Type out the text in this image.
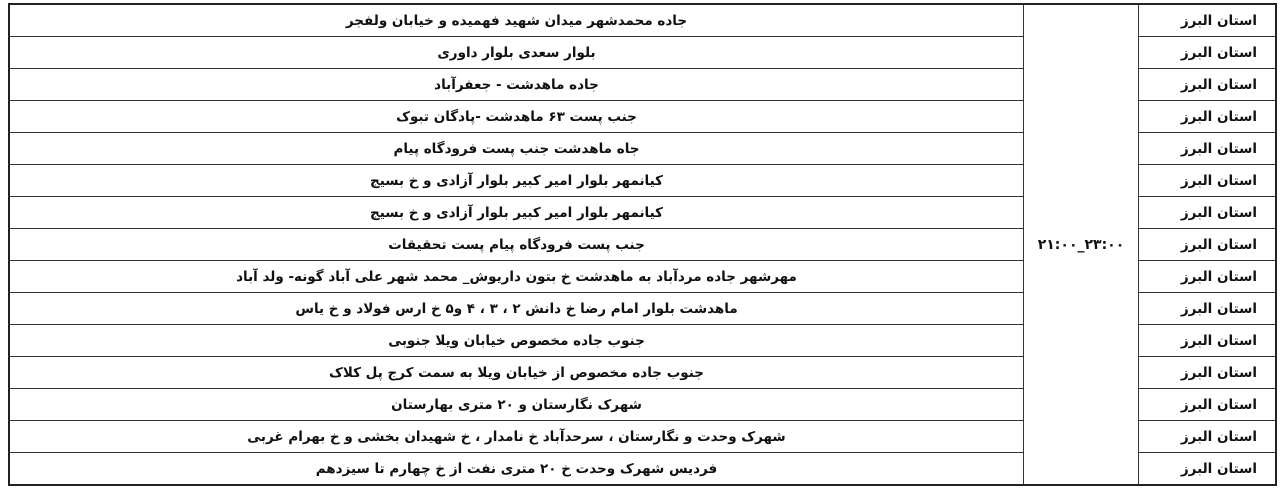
استان البرز	۲۱:۰۰_۲۳:۰۰	جاده محمدشهر میدان شهید فهمیده و خیابان ولفجر
استان البرز		بلوار سعدی بلوار داوری
استان البرز		جاده ماهدشت - جعفرآباد
استان البرز		جنب پست ۶۳ ماهدشت -پادگان تبوک
استان البرز		جاه ماهدشت جنب پست فرودگاه پیام
استان البرز		کیانمهر بلوار امیر کبیر بلوار آزادی و خ بسیج
استان البرز		کیانمهر بلوار امیر کبیر بلوار آزادی و خ بسیج
استان البرز		جنب پست فرودگاه پیام پست تحقیقات
استان البرز		مهرشهر جاده مردآباد به ماهدشت خ بتون داریوش_ محمد شهر علی آباد گونه- ولد آباد
استان البرز		ماهدشت بلوار امام رضا خ دانش ۲ ، ۳ ، ۴ و۵ خ ارس فولاد و خ یاس
استان البرز		جنوب جاده مخصوص خیابان ویلا جنوبی
استان البرز		جنوب جاده مخصوص از خیابان ویلا به سمت کرج پل کلاک
استان البرز		شهرک نگارستان و ۲۰ متری بهارستان
استان البرز		شهرک وحدت و نگارستان ، سرحدآباد خ نامدار ، خ شهیدان بخشی و خ بهرام غربی
استان البرز		فردیس شهرک وحدت خ ۲۰ متری نفت از خ چهارم تا سیزدهم
